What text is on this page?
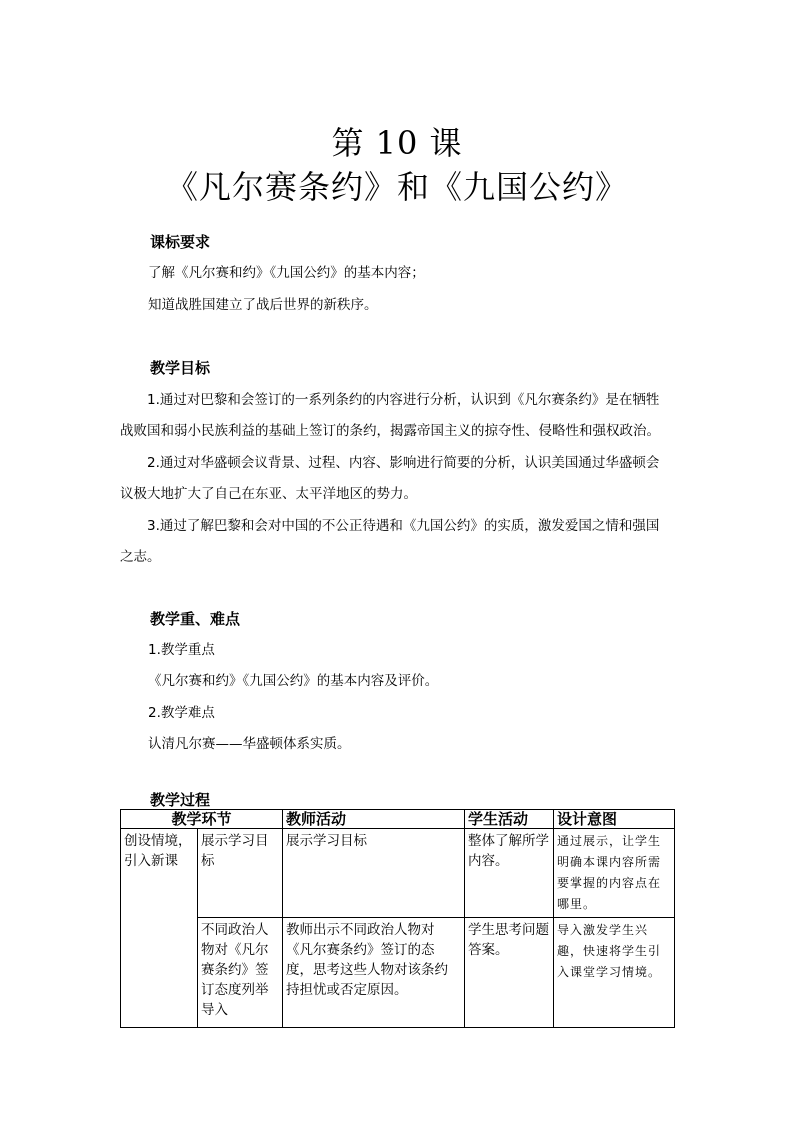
第 10 课
《凡尔赛条约》和《九国公约》
课标要求
了解《凡尔赛和约》《九国公约》的基本内容；
知道战胜国建立了战后世界的新秩序。
教学目标
1.通过对巴黎和会签订的一系列条约的内容进行分析，认识到《凡尔赛条约》是在牺牲
战败国和弱小民族利益的基础上签订的条约，揭露帝国主义的掠夺性、侵略性和强权政治。
2.通过对华盛顿会议背景、过程、内容、影响进行简要的分析，认识美国通过华盛顿会
议极大地扩大了自己在东亚、太平洋地区的势力。
3.通过了解巴黎和会对中国的不公正待遇和《九国公约》的实质，激发爱国之情和强国
之志。
教学重、难点
1.教学重点
《凡尔赛和约》《九国公约》的基本内容及评价。
2.教学难点
认清凡尔赛——华盛顿体系实质。
教学过程
教学环节		教师活动	学生活动	设计意图
创设情境，引入新课	展示学习目标	展示学习目标	整体了解所学内容。	通过展示，让学生明确本课内容所需要掌握的内容点在哪里。
	不同政治人物对《凡尔赛条约》签订态度列举导入	教师出示不同政治人物对《凡尔赛条约》签订的态度，思考这些人物对该条约持担忧或否定原因。	学生思考问题答案。	导入激发学生兴趣，快速将学生引入课堂学习情境。
